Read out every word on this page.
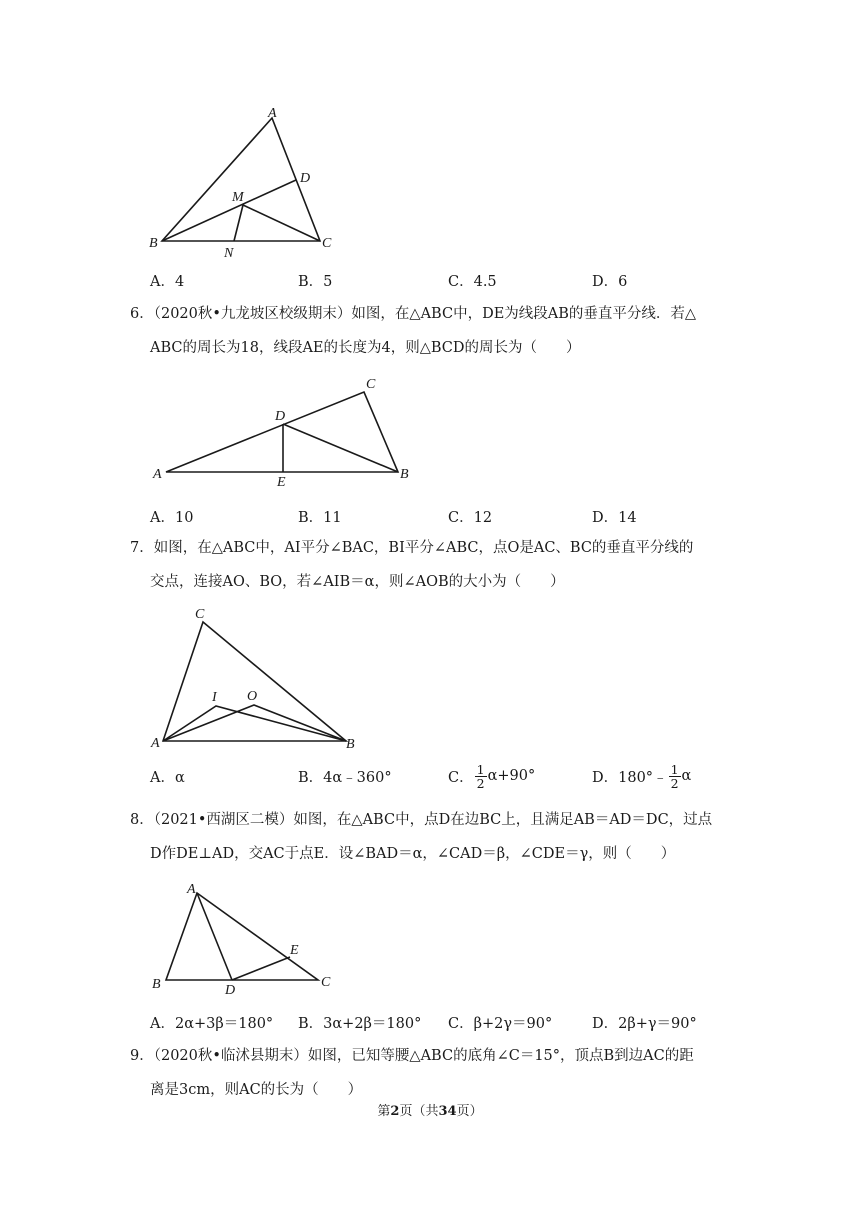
A
B	C
D
M
N
A．4	B．5	C．4.5	D．6
6．（2020秋•九龙坡区校级期末）如图，在△ABC中，DE为线段AB的垂直平分线．若△
ABC的周长为18，线段AE的长度为4，则△BCD的周长为（　　）
A	B
C
D
E
A．10	B．11	C．12	D．14
7．如图，在△ABC中，AI平分∠BAC，BI平分∠ABC，点O是AC、BC的垂直平分线的
交点，连接AO、BO，若∠AIB＝α，则∠AOB的大小为（　　）
A	B
C
I O
A．α	B．4α﹣360°	C． $\frac{1}{2} \alpha+90^\circ$	D．180°﹣ $\frac{1}{2}$ α
8．（2021•西湖区二模）如图，在△ABC中，点D在边BC上，且满足AB＝AD＝DC，过点
D作DE⊥AD，交AC于点E．设∠BAD＝α，∠CAD＝β，∠CDE＝γ，则（　　）
A
B	C
D
E
A．2α+3β＝180° B．3α+2β＝180° C．β+2γ＝90°	D．2β+γ＝90°
9．（2020秋•临沭县期末）如图，已知等腰△ABC的底角∠C＝15°，顶点B到边AC的距
离是3cm，则AC的长为（　　）
第2页（共34页）
